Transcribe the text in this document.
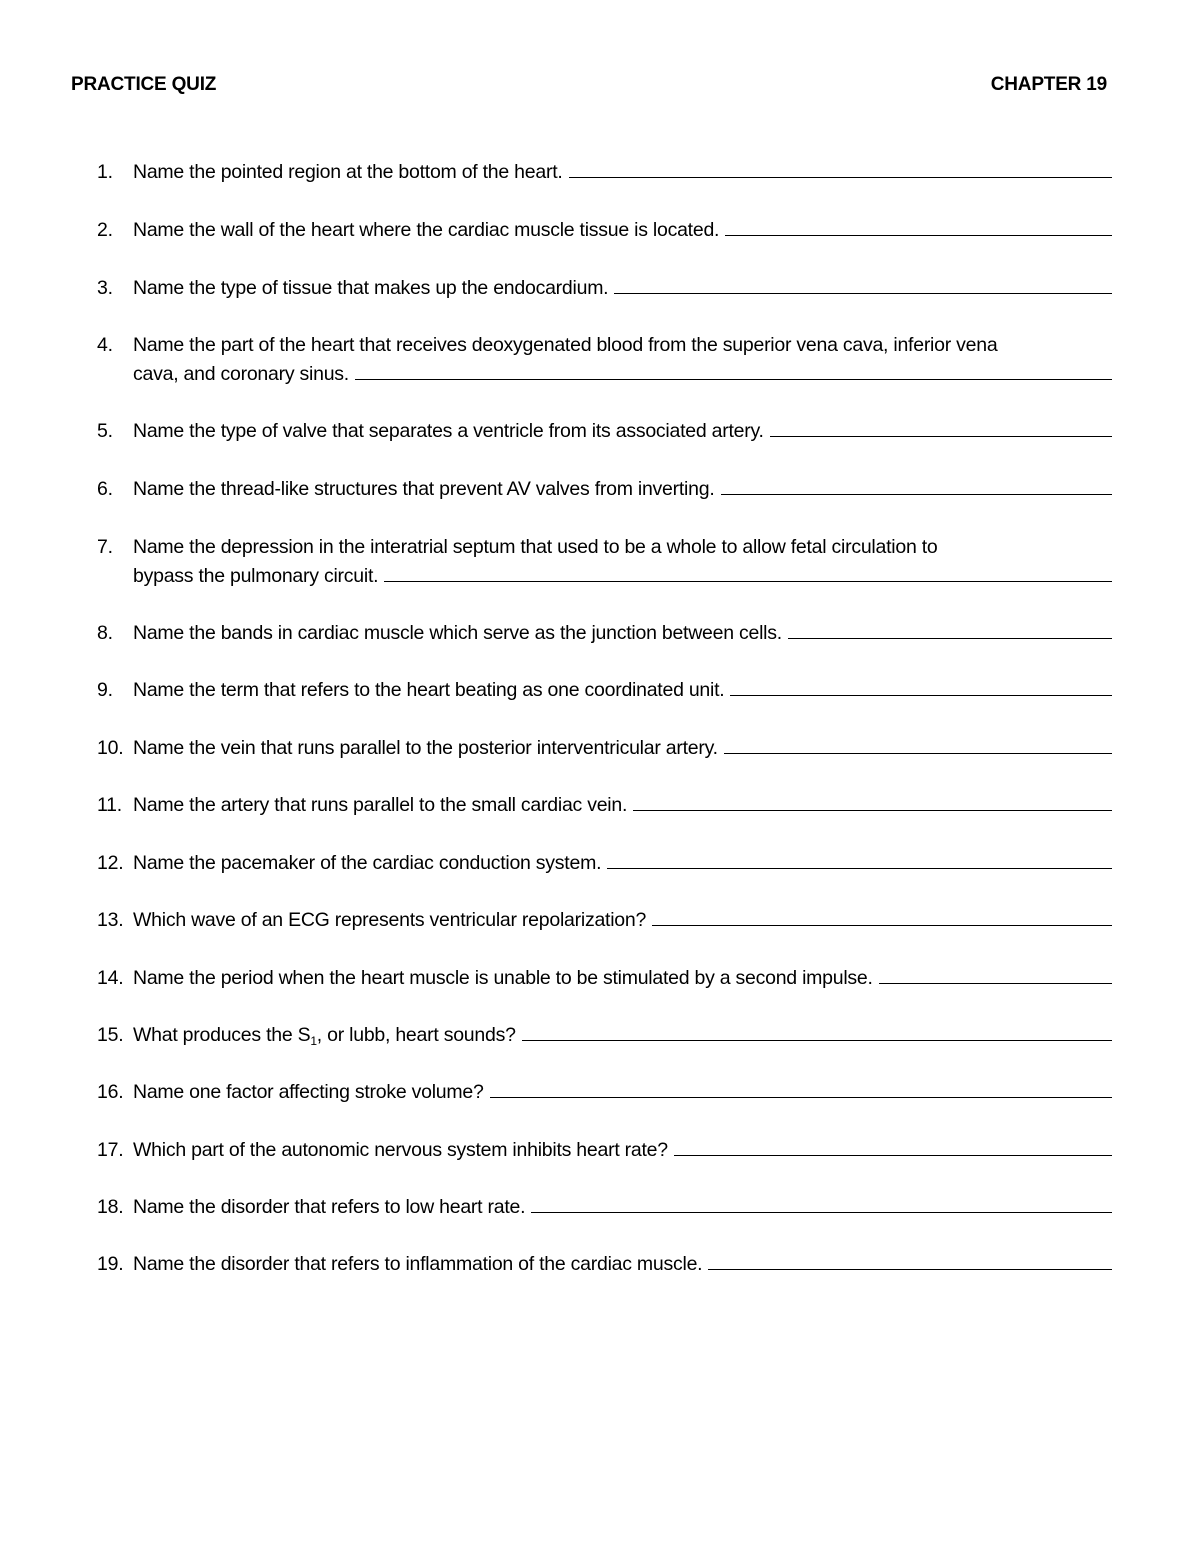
PRACTICE QUIZ	CHAPTER 19
1.	Name the pointed region at the bottom of the heart.
2.	Name the wall of the heart where the cardiac muscle tissue is located.
3.	Name the type of tissue that makes up the endocardium.
4.	Name the part of the heart that receives deoxygenated blood from the superior vena cava, inferior vena
cava, and coronary sinus.
5.	Name the type of valve that separates a ventricle from its associated artery.
6.	Name the thread-like structures that prevent AV valves from inverting.
7.	Name the depression in the interatrial septum that used to be a whole to allow fetal circulation to
bypass the pulmonary circuit.
8.	Name the bands in cardiac muscle which serve as the junction between cells.
9.	Name the term that refers to the heart beating as one coordinated unit.
10. Name the vein that runs parallel to the posterior interventricular artery.
11. Name the artery that runs parallel to the small cardiac vein.
12. Name the pacemaker of the cardiac conduction system.
13. Which wave of an ECG represents ventricular repolarization?
14. Name the period when the heart muscle is unable to be stimulated by a second impulse.
15. What produces the $S_1$, or lubb, heart sounds?
16. Name one factor affecting stroke volume?
17. Which part of the autonomic nervous system inhibits heart rate?
18. Name the disorder that refers to low heart rate.
19. Name the disorder that refers to inflammation of the cardiac muscle.
